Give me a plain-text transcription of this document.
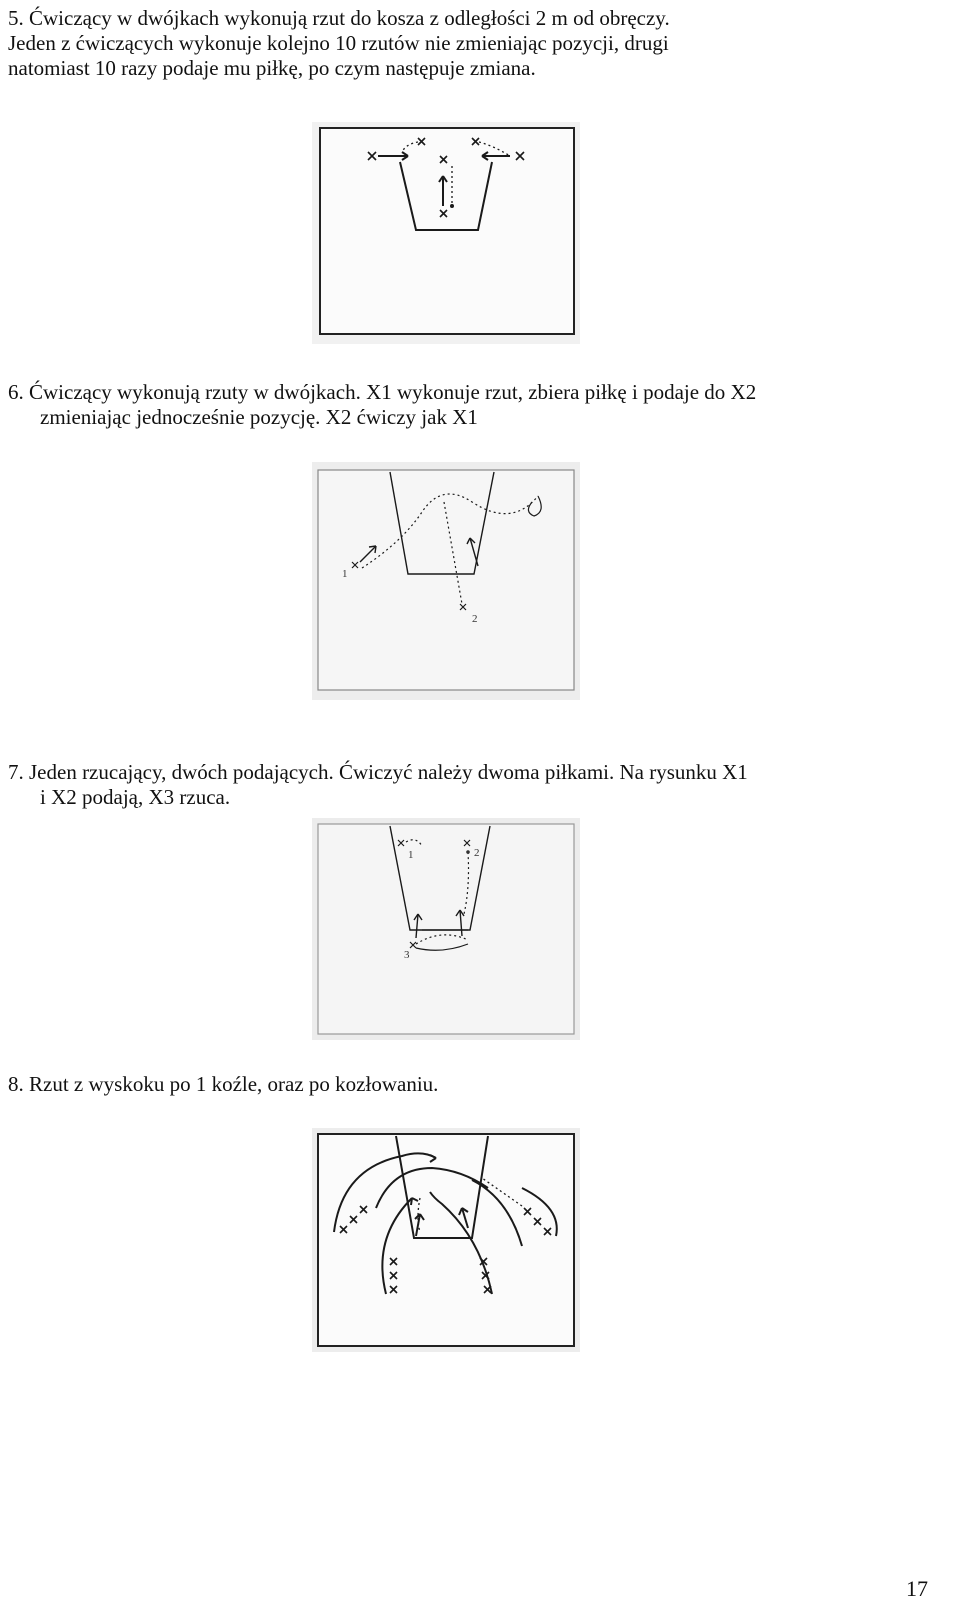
5. Ćwiczący w dwójkach wykonują rzut do kosza z odległości 2 m od obręczy.
Jeden z ćwiczących wykonuje kolejno 10 rzutów nie zmieniając pozycji, drugi
natomiast 10 razy podaje mu piłkę, po czym następuje zmiana.

6. Ćwiczący wykonują rzuty w dwójkach. X1 wykonuje rzut, zbiera piłkę i podaje do X2
zmieniając jednocześnie pozycję. X2 ćwiczy jak X1

1
2

7. Jeden rzucający, dwóch podających. Ćwiczyć należy dwoma piłkami. Na rysunku X1
i X2 podają, X3 rzuca.

1	2
3

8. Rzut z wyskoku po 1 koźle, oraz po kozłowaniu.

17
